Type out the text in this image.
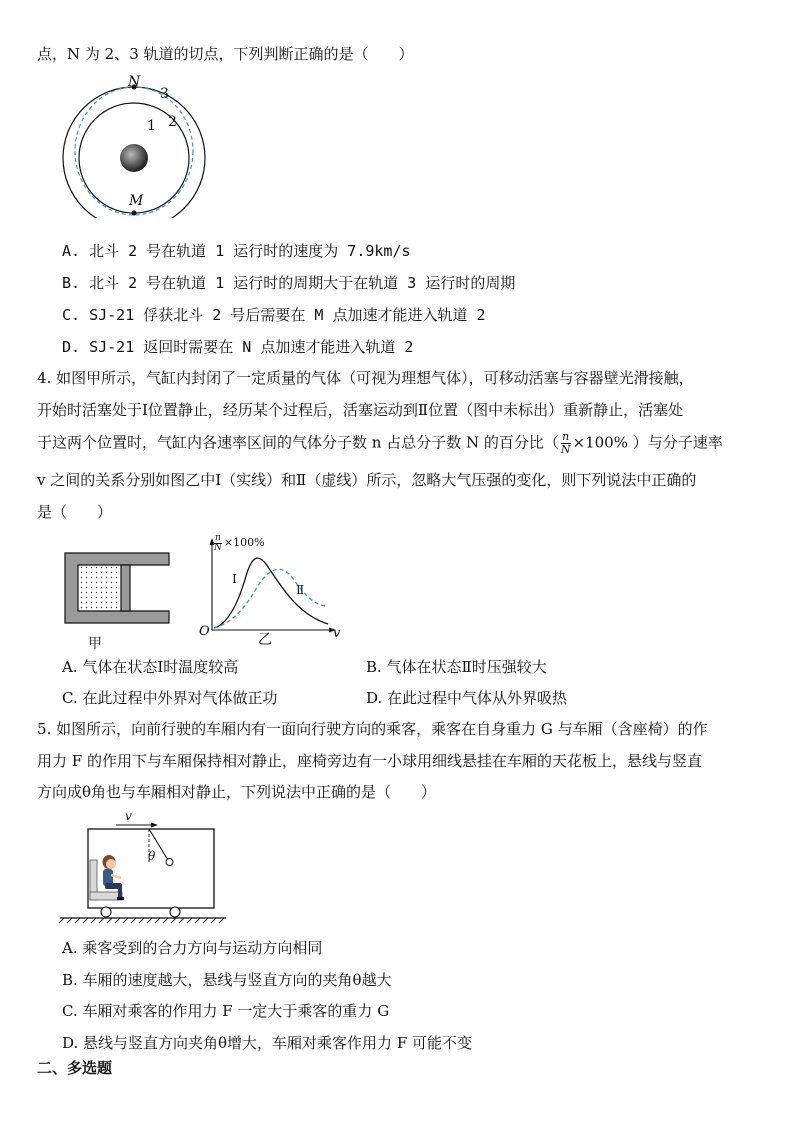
点，N 为 2、3 轨道的切点，下列判断正确的是（　　）
N
3
1 2
M
A. 北斗 2 号在轨道 1 运行时的速度为 7.9km/s
B. 北斗 2 号在轨道 1 运行时的周期大于在轨道 3 运行时的周期
C. SJ-21 俘获北斗 2 号后需要在 M 点加速才能进入轨道 2
D. SJ-21 返回时需要在 N 点加速才能进入轨道 2
4. 如图甲所示，气缸内封闭了一定质量的气体（可视为理想气体），可移动活塞与容器壁光滑接触，
开始时活塞处于Ⅰ位置静止，经历某个过程后，活塞运动到Ⅱ位置（图中未标出）重新静止，活塞处
于这两个位置时，气缸内各速率区间的气体分子数 n 占总分子数 N 的百分比（ $\frac{n}{N} \times 100\%$ ）与分子速率
v 之间的关系分别如图乙中Ⅰ（实线）和Ⅱ（虚线）所示，忽略大气压强的变化，则下列说法中正确的
是（　　）
甲
$\frac{n}{N} \times 100\%$
Ⅰ
Ⅱ
O	v
乙
A. 气体在状态Ⅰ时温度较高	B. 气体在状态Ⅱ时压强较大
C. 在此过程中外界对气体做正功	D. 在此过程中气体从外界吸热
5. 如图所示，向前行驶的车厢内有一面向行驶方向的乘客，乘客在自身重力 G 与车厢（含座椅）的作
用力 F 的作用下与车厢保持相对静止，座椅旁边有一小球用细线悬挂在车厢的天花板上，悬线与竖直
方向成θ角也与车厢相对静止，下列说法中正确的是（　　）
v
θ
A. 乘客受到的合力方向与运动方向相同
B. 车厢的速度越大，悬线与竖直方向的夹角θ越大
C. 车厢对乘客的作用力 F 一定大于乘客的重力 G
D. 悬线与竖直方向夹角θ增大，车厢对乘客作用力 F 可能不变
二、多选题
